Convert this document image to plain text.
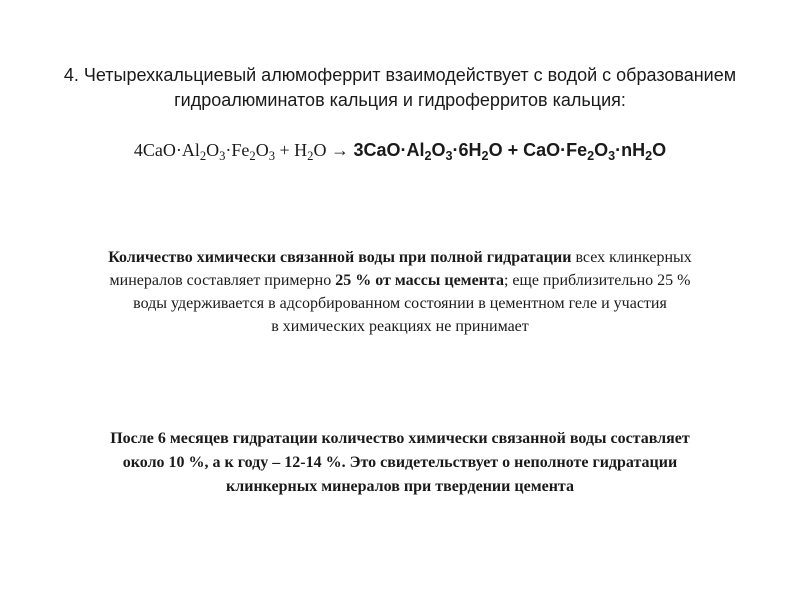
4. Четырехкальциевый алюмоферрит взаимодействует с водой с образованием
гидроалюминатов кальция и гидроферритов кальция:
$4CaO\cdot Al_2O_3\cdot Fe_2O_3 + H_2O \to 3CaO\cdot Al_2O_3\cdot 6H_2O + CaO\cdot Fe_2O_3\cdot nH_2O$
Количество химически связанной воды при полной гидратации всех клинкерных
минералов составляет примерно 25 % от массы цемента; еще приблизительно 25 %
воды удерживается в адсорбированном состоянии в цементном геле и участия
в химических реакциях не принимает
После 6 месяцев гидратации количество химически связанной воды составляет
около 10 %, а к году – 12-14 %. Это свидетельствует о неполноте гидратации
клинкерных минералов при твердении цемента
